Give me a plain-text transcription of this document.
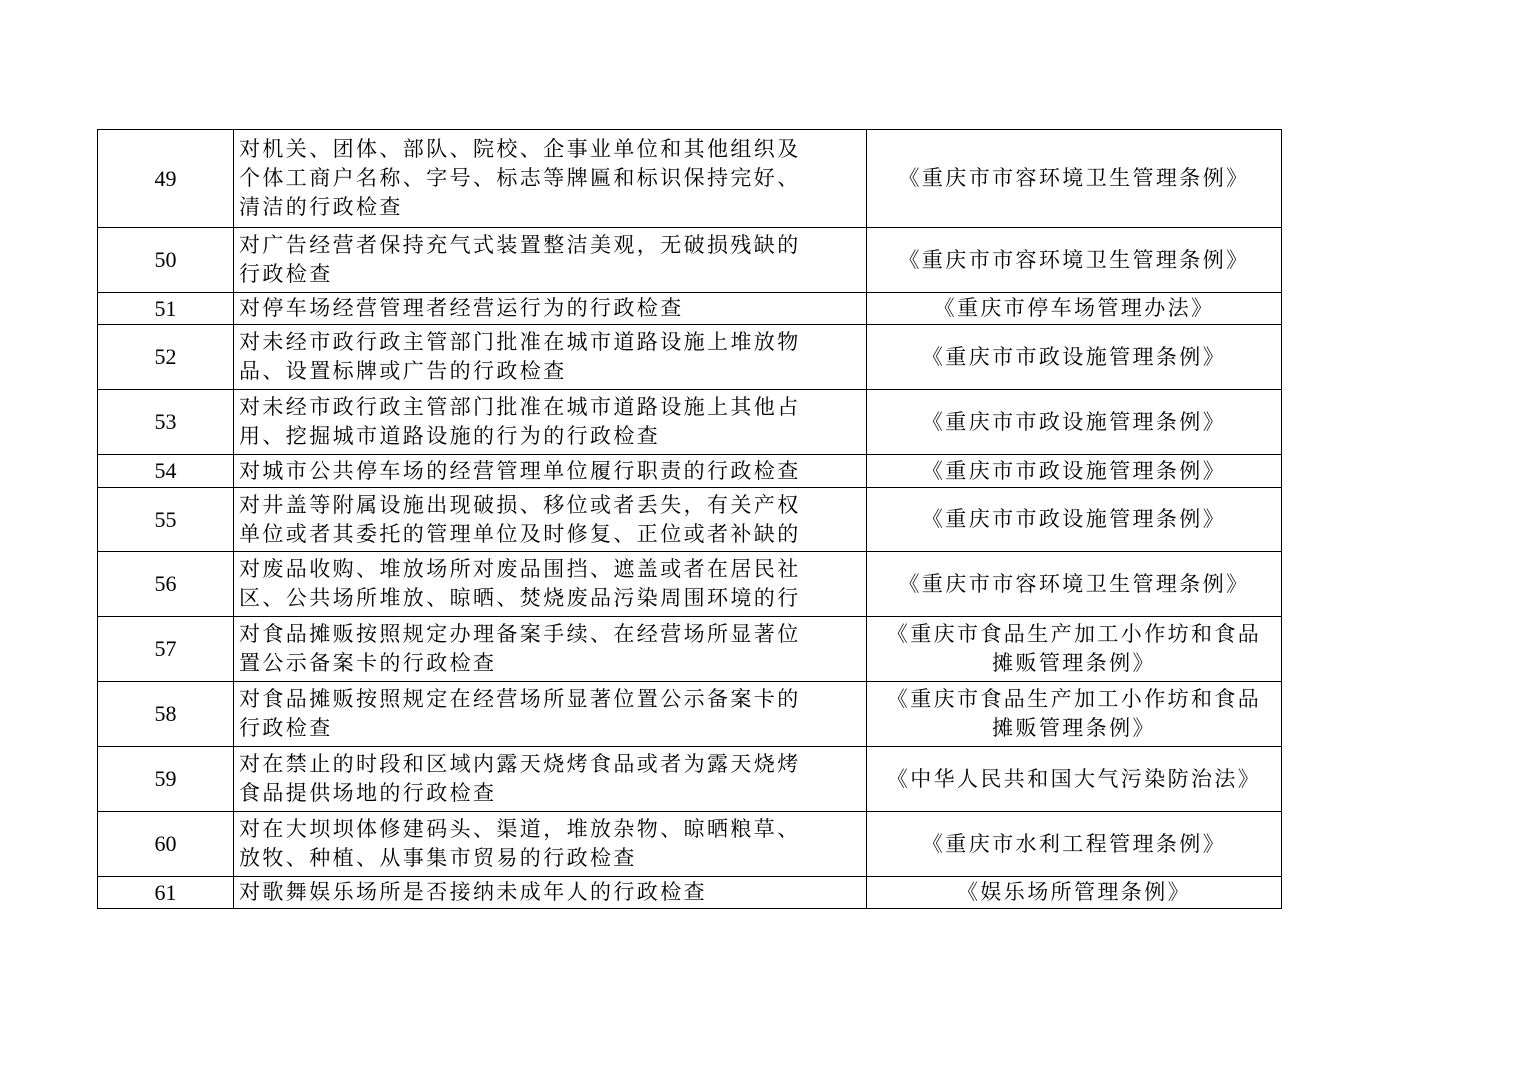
49	对机关、团体、部队、院校、企事业单位和其他组织及
个体工商户名称、字号、标志等牌匾和标识保持完好、
清洁的行政检查	《重庆市市容环境卫生管理条例》
50	对广告经营者保持充气式装置整洁美观，无破损残缺的
行政检查	《重庆市市容环境卫生管理条例》
51	对停车场经营管理者经营运行为的行政检查	《重庆市停车场管理办法》
52	对未经市政行政主管部门批准在城市道路设施上堆放物
品、设置标牌或广告的行政检查	《重庆市市政设施管理条例》
53	对未经市政行政主管部门批准在城市道路设施上其他占
用、挖掘城市道路设施的行为的行政检查	《重庆市市政设施管理条例》
54	对城市公共停车场的经营管理单位履行职责的行政检查	《重庆市市政设施管理条例》
55	对井盖等附属设施出现破损、移位或者丢失，有关产权
单位或者其委托的管理单位及时修复、正位或者补缺的	《重庆市市政设施管理条例》
56	对废品收购、堆放场所对废品围挡、遮盖或者在居民社
区、公共场所堆放、晾晒、焚烧废品污染周围环境的行	《重庆市市容环境卫生管理条例》
57	对食品摊贩按照规定办理备案手续、在经营场所显著位
置公示备案卡的行政检查	《重庆市食品生产加工小作坊和食品
摊贩管理条例》
58	对食品摊贩按照规定在经营场所显著位置公示备案卡的
行政检查	《重庆市食品生产加工小作坊和食品
摊贩管理条例》
59	对在禁止的时段和区域内露天烧烤食品或者为露天烧烤
食品提供场地的行政检查	《中华人民共和国大气污染防治法》
60	对在大坝坝体修建码头、渠道，堆放杂物、晾晒粮草、
放牧、种植、从事集市贸易的行政检查	《重庆市水利工程管理条例》
61	对歌舞娱乐场所是否接纳未成年人的行政检查	《娱乐场所管理条例》
